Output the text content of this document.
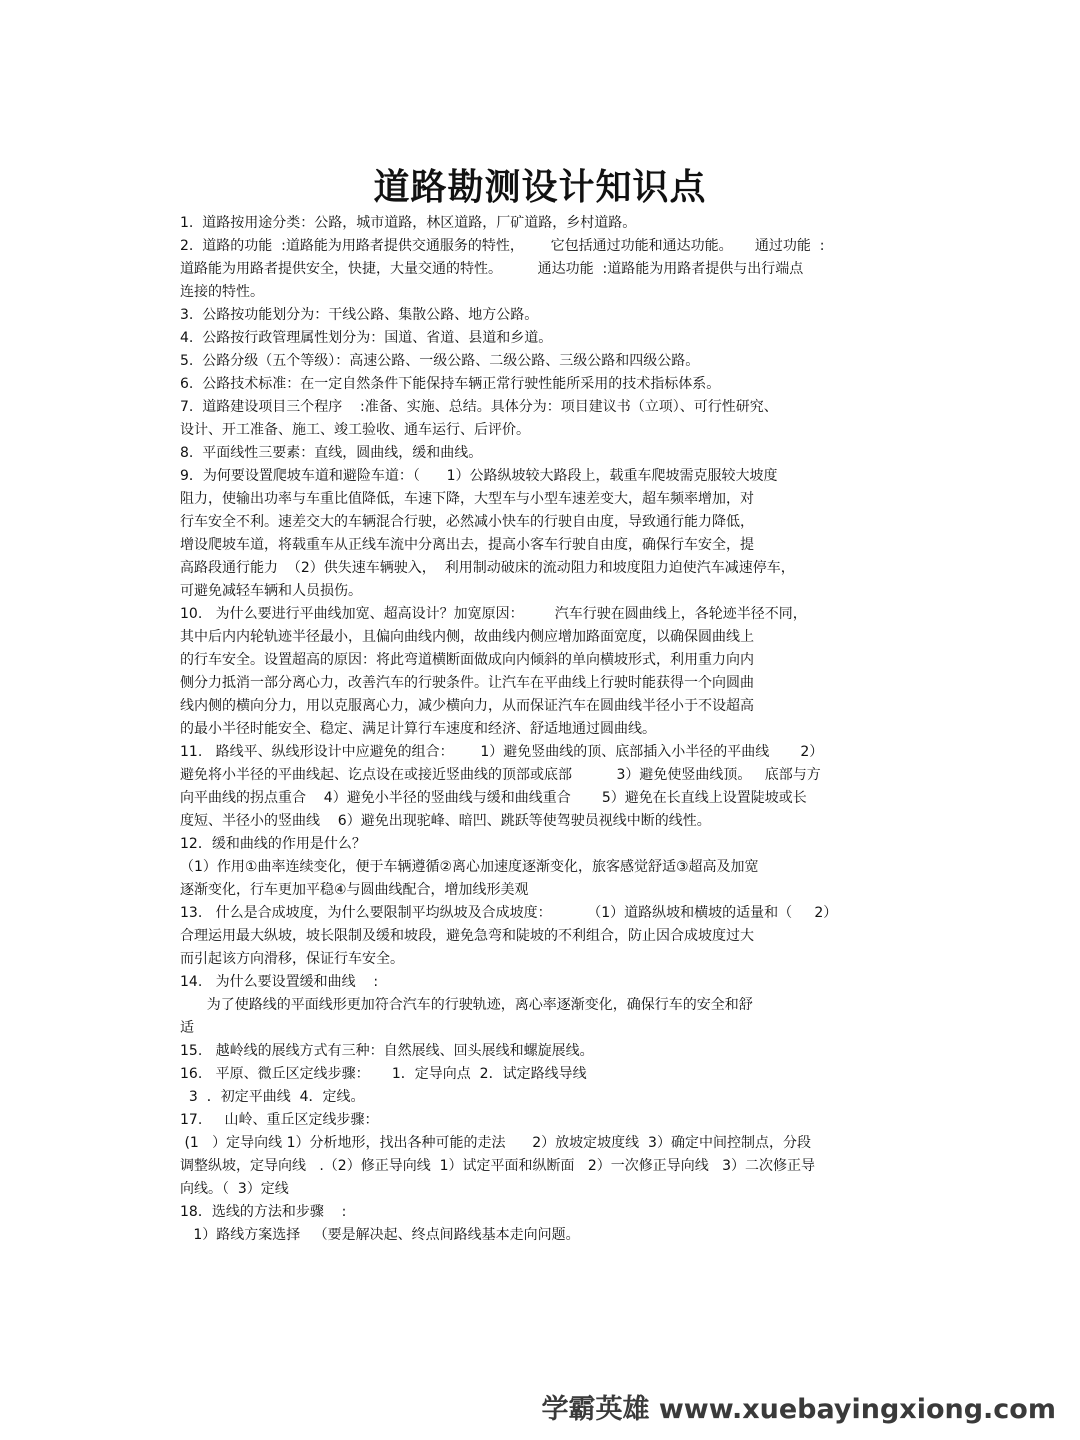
道路勘测设计知识点
1.  道路按用途分类：公路，城市道路，林区道路，厂矿道路，乡村道路。
2.  道路的功能  :道路能为用路者提供交通服务的特性，      它包括通过功能和通达功能。     通过功能  :
道路能为用路者提供安全，快捷，大量交通的特性。        通达功能  :道路能为用路者提供与出行端点
连接的特性。
3.  公路按功能划分为：干线公路、集散公路、地方公路。
4.  公路按行政管理属性划分为：国道、省道、县道和乡道。
5.  公路分级（五个等级）：高速公路、一级公路、二级公路、三级公路和四级公路。
6.  公路技术标准：在一定自然条件下能保持车辆正常行驶性能所采用的技术指标体系。
7.  道路建设项目三个程序    :准备、实施、总结。具体分为：项目建议书（立项）、可行性研究、
设计、开工准备、施工、竣工验收、通车运行、后评价。
8.  平面线性三要素：直线，圆曲线，缓和曲线。
9．为何要设置爬坡车道和避险车道：（      1）公路纵坡较大路段上，载重车爬坡需克服较大坡度
阻力，使输出功率与车重比值降低，车速下降，大型车与小型车速差变大，超车频率增加，对
行车安全不利。速差交大的车辆混合行驶，必然减小快车的行驶自由度，导致通行能力降低，
增设爬坡车道，将载重车从正线车流中分离出去，提高小客车行驶自由度，确保行车安全，提
高路段通行能力  （2）供失速车辆驶入，  利用制动破床的流动阻力和坡度阻力迫使汽车减速停车，
可避免减轻车辆和人员损伤。
10.   为什么要进行平曲线加宽、超高设计？加宽原因：       汽车行驶在圆曲线上，各轮迹半径不同，
其中后内内轮轨迹半径最小，且偏向曲线内侧，故曲线内侧应增加路面宽度，以确保圆曲线上
的行车安全。设置超高的原因：将此弯道横断面做成向内倾斜的单向横坡形式，利用重力向内
侧分力抵消一部分离心力，改善汽车的行驶条件。让汽车在平曲线上行驶时能获得一个向圆曲
线内侧的横向分力，用以克服离心力，减少横向力，从而保证汽车在圆曲线半径小于不设超高
的最小半径时能安全、稳定、满足计算行车速度和经济、舒适地通过圆曲线。
11.   路线平、纵线形设计中应避免的组合：      1）避免竖曲线的顶、底部插入小半径的平曲线       2）
避免将小半径的平曲线起、讫点设在或接近竖曲线的顶部或底部          3）避免使竖曲线顶。   底部与方
向平曲线的拐点重合    4）避免小半径的竖曲线与缓和曲线重合       5）避免在长直线上设置陡坡或长
度短、半径小的竖曲线    6）避免出现驼峰、暗凹、跳跃等使驾驶员视线中断的线性。
12．缓和曲线的作用是什么？
（1）作用①曲率连续变化，便于车辆遵循②离心加速度逐渐变化，旅客感觉舒适③超高及加宽
逐渐变化，行车更加平稳④与圆曲线配合，增加线形美观
13.   什么是合成坡度，为什么要限制平均纵坡及合成坡度：        （1）道路纵坡和横坡的适量和（     2）
合理运用最大纵坡，坡长限制及缓和坡段，避免急弯和陡坡的不利组合，防止因合成坡度过大
而引起该方向滑移，保证行车安全。
14.   为什么要设置缓和曲线    :
为了使路线的平面线形更加符合汽车的行驶轨迹，离心率逐渐变化，确保行车的安全和舒
适
15.   越岭线的展线方式有三种：自然展线、回头展线和螺旋展线。
16.   平原、微丘区定线步骤：     1．定导向点  2．试定路线导线
3  ．初定平曲线  4．定线。
17.     山岭、重丘区定线步骤：
(1   ）定导向线 1）分析地形，找出各种可能的走法      2）放坡定坡度线  3）确定中间控制点，分段
调整纵坡，定导向线   .（2）修正导向线  1）试定平面和纵断面   2）一次修正导向线   3）二次修正导
向线。（  3）定线
18．选线的方法和步骤    :
1）路线方案选择   （要是解决起、终点间路线基本走向问题。
学霸英雄 www.xuebayingxiong.com
